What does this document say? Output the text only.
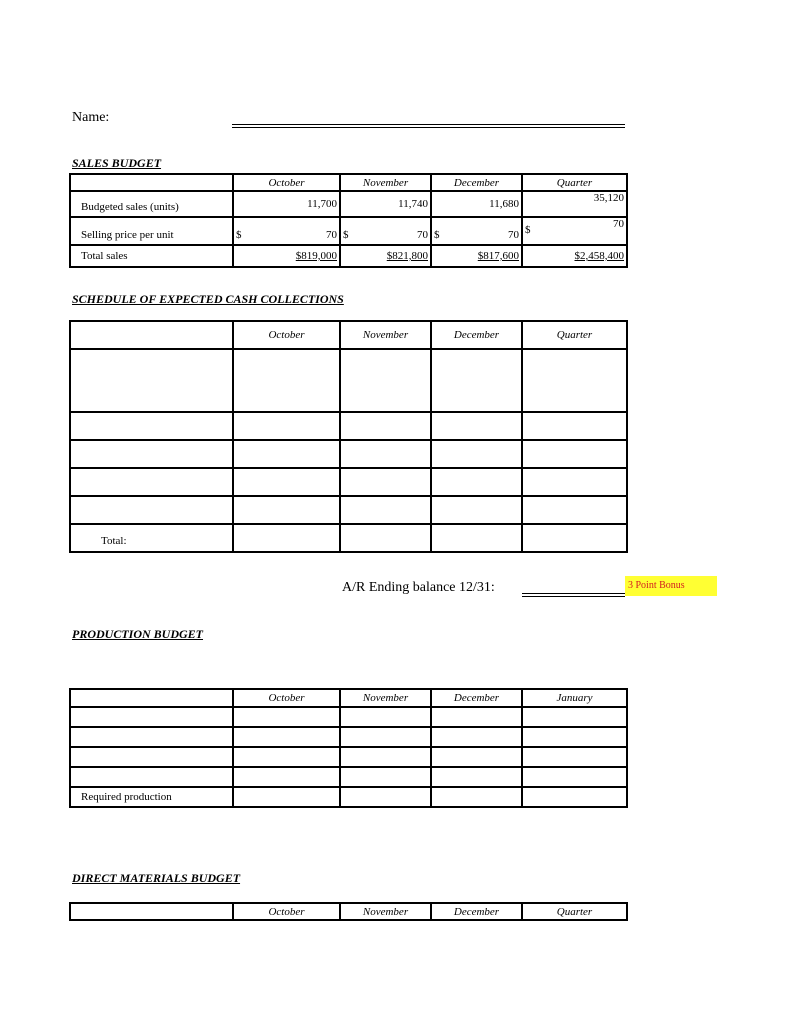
Name:
SALES BUDGET
	October	November	December	Quarter
Budgeted sales (units)	11,700	11,740	11,680	35,120
Selling price per unit	$ 70	$ 70	$ 70	$ 70

Total sales	$819,000	$821,800	$817,600	$2,458,400
SCHEDULE OF EXPECTED CASH COLLECTIONS
	October	November	December	Quarter

Total:				
A/R Ending balance 12/31:	3 Point Bonus
PRODUCTION BUDGET
	October	November	December	January

Required production				
DIRECT MATERIALS BUDGET
	October	November	December	Quarter
